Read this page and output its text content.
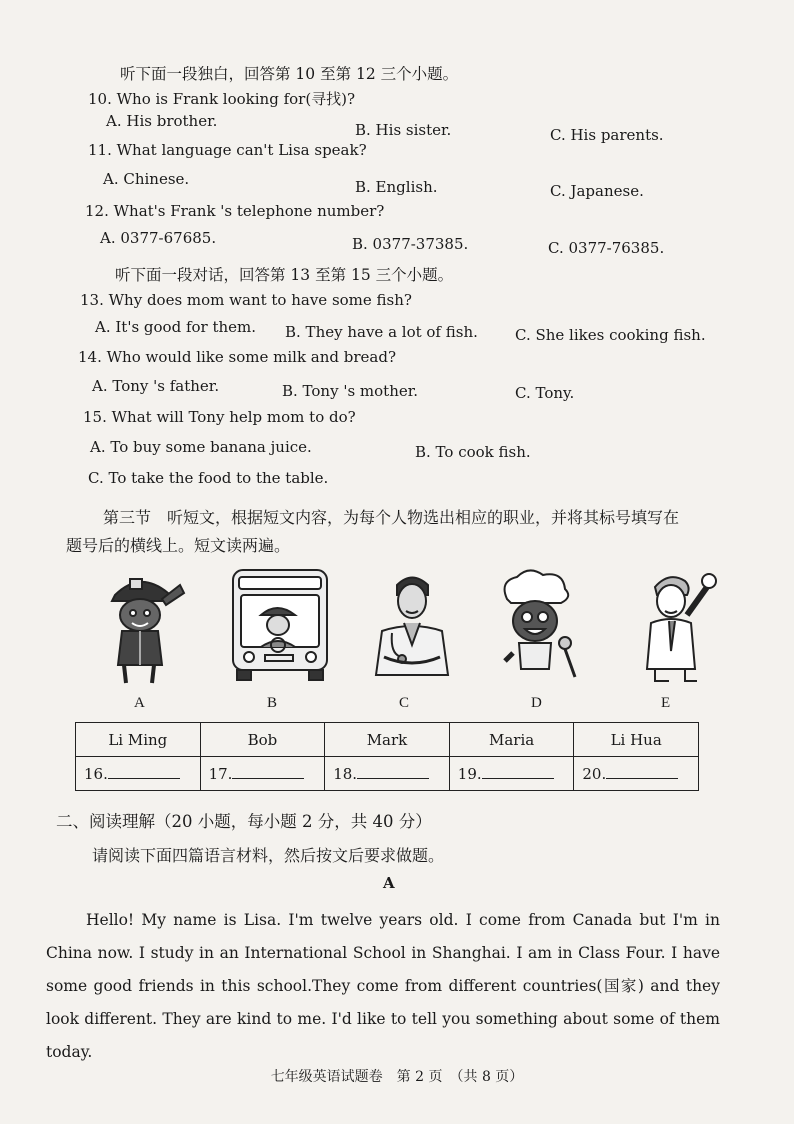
听下面一段独白，回答第 10 至第 12 三个小题。
10. Who is Frank looking for(寻找)?
A. His brother.	B. His sister.	C. His parents.
11. What language can't Lisa speak?
A. Chinese.	B. English.	C. Japanese.
12. What's Frank 's telephone number?
A. 0377-67685.	B. 0377-37385.	C. 0377-76385.
听下面一段对话，回答第 13 至第 15 三个小题。
13. Why does mom want to have some fish?
A. It's good for them. B. They have a lot of fish. C. She likes cooking fish.
14. Who would like some milk and bread?
A. Tony 's father.	B. Tony 's mother.	C. Tony.
15. What will Tony help mom to do?
A. To buy some banana juice.	B. To cook fish.
C. To take the food to the table.
第三节　听短文，根据短文内容，为每个人物选出相应的职业，并将其标号填写在
题号后的横线上。短文读两遍。
A	B	C	D	E
Li Ming	Bob	Mark	Maria	Li Hua
16.	17.	18.	19.	20.
二、阅读理解（20 小题，每小题 2 分，共 40 分）
请阅读下面四篇语言材料，然后按文后要求做题。
A
Hello! My name is Lisa. I'm twelve years old. I come from Canada but I'm in China now. I study in an International School in Shanghai. I am in Class Four. I have some good friends in this school.They come from different countries(国家) and they look different. They are kind to me. I'd like to tell you something about some of them today.
七年级英语试题卷　第 2 页　（共 8 页）
